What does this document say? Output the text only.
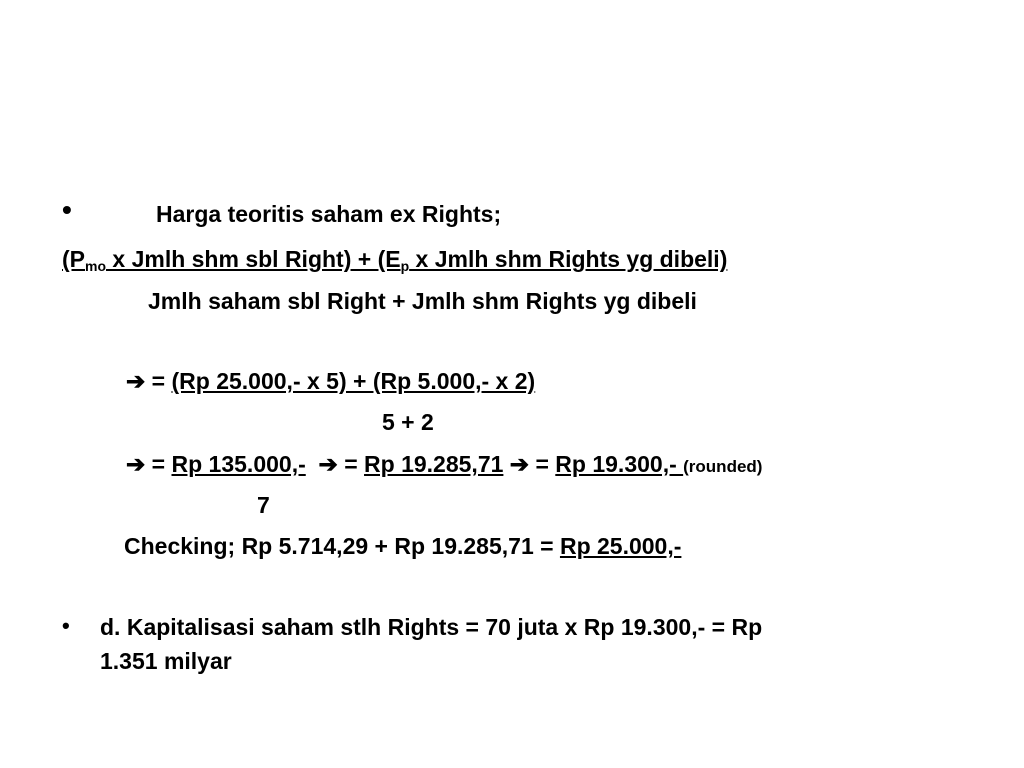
•	Harga teoritis saham ex Rights;
($P_{mo}$ x Jmlh shm sbl Right) + ($E_p$ x Jmlh shm Rights yg dibeli)
Jmlh saham sbl Right + Jmlh shm Rights yg dibeli
➔ = (Rp 25.000,- x 5) + (Rp 5.000,- x 2)
5 + 2
➔ = Rp 135.000,- ➔ = Rp 19.285,71 ➔ = Rp 19.300,- (rounded)
7
Checking; Rp 5.714,29 + Rp 19.285,71 = Rp 25.000,-
• d. Kapitalisasi saham stlh Rights = 70 juta x Rp 19.300,- = Rp
1.351 milyar
